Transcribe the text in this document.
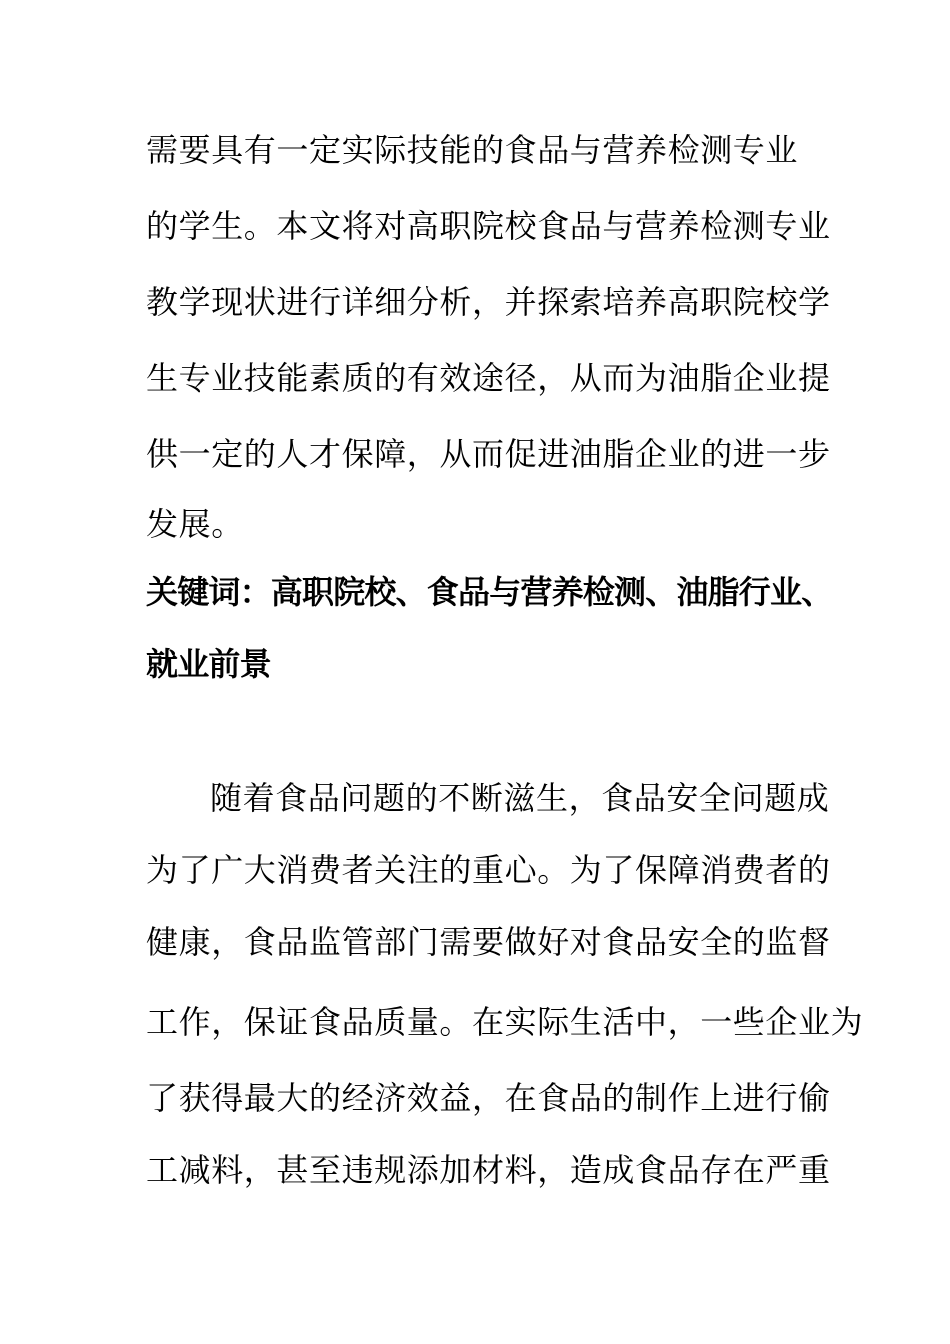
需要具有一定实际技能的食品与营养检测专业
的学生。本文将对高职院校食品与营养检测专业
教学现状进行详细分析，并探索培养高职院校学
生专业技能素质的有效途径，从而为油脂企业提
供一定的人才保障，从而促进油脂企业的进一步
发展。
关键词：高职院校、食品与营养检测、油脂行业、
就业前景
随着食品问题的不断滋生，食品安全问题成
为了广大消费者关注的重心。为了保障消费者的
健康，食品监管部门需要做好对食品安全的监督
工作，保证食品质量。在实际生活中，一些企业为
了获得最大的经济效益，在食品的制作上进行偷
工减料，甚至违规添加材料，造成食品存在严重
